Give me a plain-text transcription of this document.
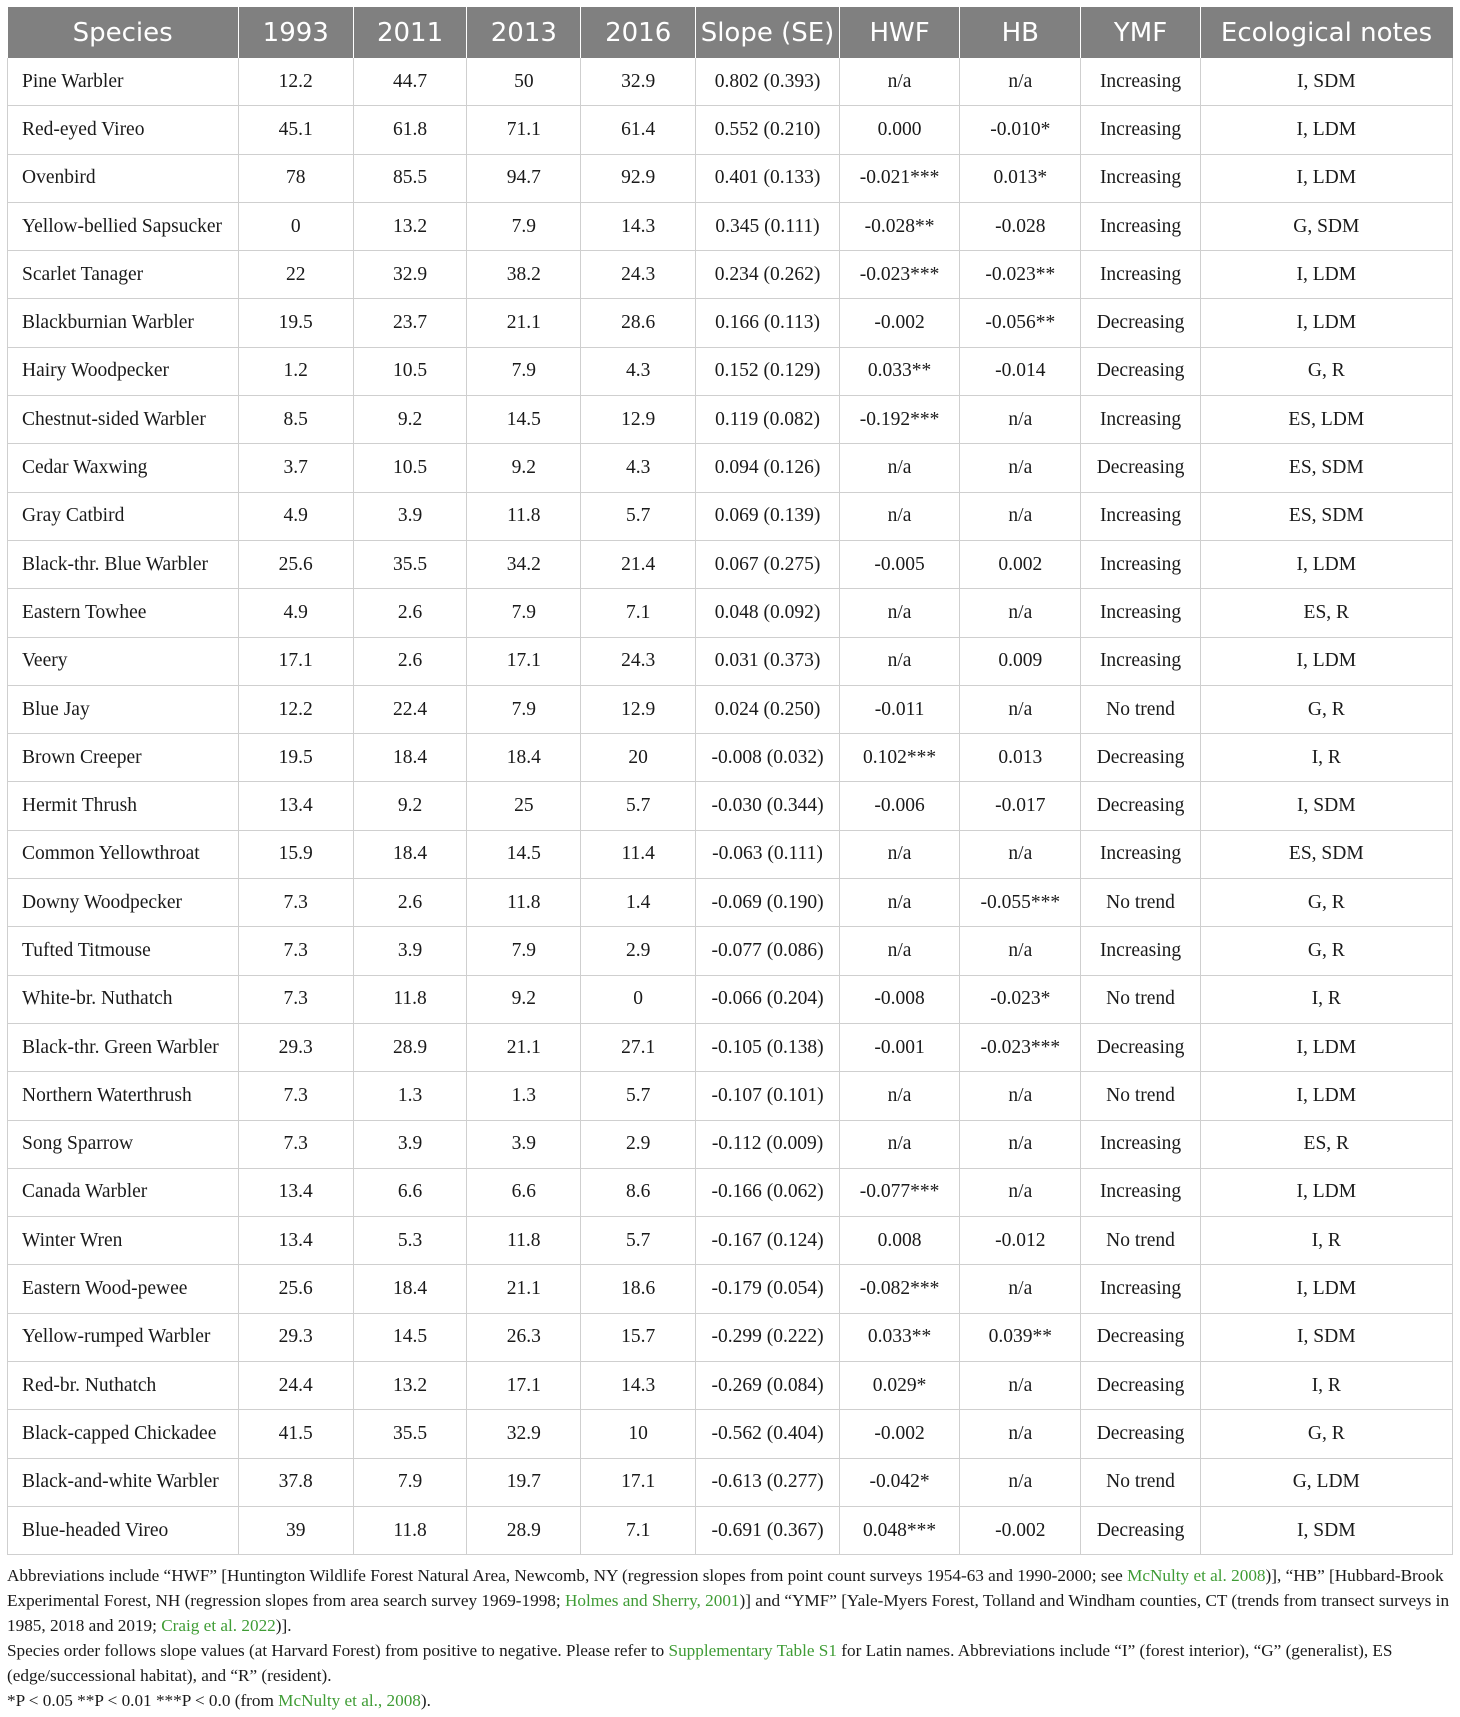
Species	1993	2011	2013	2016	Slope (SE)	HWF	HB	YMF	Ecological notes
Pine Warbler	12.2	44.7	50	32.9	0.802 (0.393)	n/a	n/a	Increasing	I, SDM
Red-eyed Vireo	45.1	61.8	71.1	61.4	0.552 (0.210)	0.000	-0.010*	Increasing	I, LDM
Ovenbird	78	85.5	94.7	92.9	0.401 (0.133)	-0.021***	0.013*	Increasing	I, LDM
Yellow-bellied Sapsucker	0	13.2	7.9	14.3	0.345 (0.111)	-0.028**	-0.028	Increasing	G, SDM
Scarlet Tanager	22	32.9	38.2	24.3	0.234 (0.262)	-0.023***	-0.023**	Increasing	I, LDM
Blackburnian Warbler	19.5	23.7	21.1	28.6	0.166 (0.113)	-0.002	-0.056**	Decreasing	I, LDM
Hairy Woodpecker	1.2	10.5	7.9	4.3	0.152 (0.129)	0.033**	-0.014	Decreasing	G, R
Chestnut-sided Warbler	8.5	9.2	14.5	12.9	0.119 (0.082)	-0.192***	n/a	Increasing	ES, LDM
Cedar Waxwing	3.7	10.5	9.2	4.3	0.094 (0.126)	n/a	n/a	Decreasing	ES, SDM
Gray Catbird	4.9	3.9	11.8	5.7	0.069 (0.139)	n/a	n/a	Increasing	ES, SDM
Black-thr. Blue Warbler	25.6	35.5	34.2	21.4	0.067 (0.275)	-0.005	0.002	Increasing	I, LDM
Eastern Towhee	4.9	2.6	7.9	7.1	0.048 (0.092)	n/a	n/a	Increasing	ES, R
Veery	17.1	2.6	17.1	24.3	0.031 (0.373)	n/a	0.009	Increasing	I, LDM
Blue Jay	12.2	22.4	7.9	12.9	0.024 (0.250)	-0.011	n/a	No trend	G, R
Brown Creeper	19.5	18.4	18.4	20	-0.008 (0.032)	0.102***	0.013	Decreasing	I, R
Hermit Thrush	13.4	9.2	25	5.7	-0.030 (0.344)	-0.006	-0.017	Decreasing	I, SDM
Common Yellowthroat	15.9	18.4	14.5	11.4	-0.063 (0.111)	n/a	n/a	Increasing	ES, SDM
Downy Woodpecker	7.3	2.6	11.8	1.4	-0.069 (0.190)	n/a	-0.055***	No trend	G, R
Tufted Titmouse	7.3	3.9	7.9	2.9	-0.077 (0.086)	n/a	n/a	Increasing	G, R
White-br. Nuthatch	7.3	11.8	9.2	0	-0.066 (0.204)	-0.008	-0.023*	No trend	I, R
Black-thr. Green Warbler	29.3	28.9	21.1	27.1	-0.105 (0.138)	-0.001	-0.023***	Decreasing	I, LDM
Northern Waterthrush	7.3	1.3	1.3	5.7	-0.107 (0.101)	n/a	n/a	No trend	I, LDM
Song Sparrow	7.3	3.9	3.9	2.9	-0.112 (0.009)	n/a	n/a	Increasing	ES, R
Canada Warbler	13.4	6.6	6.6	8.6	-0.166 (0.062)	-0.077***	n/a	Increasing	I, LDM
Winter Wren	13.4	5.3	11.8	5.7	-0.167 (0.124)	0.008	-0.012	No trend	I, R
Eastern Wood-pewee	25.6	18.4	21.1	18.6	-0.179 (0.054)	-0.082***	n/a	Increasing	I, LDM
Yellow-rumped Warbler	29.3	14.5	26.3	15.7	-0.299 (0.222)	0.033**	0.039**	Decreasing	I, SDM
Red-br. Nuthatch	24.4	13.2	17.1	14.3	-0.269 (0.084)	0.029*	n/a	Decreasing	I, R
Black-capped Chickadee	41.5	35.5	32.9	10	-0.562 (0.404)	-0.002	n/a	Decreasing	G, R
Black-and-white Warbler	37.8	7.9	19.7	17.1	-0.613 (0.277)	-0.042*	n/a	No trend	G, LDM
Blue-headed Vireo	39	11.8	28.9	7.1	-0.691 (0.367)	0.048***	-0.002	Decreasing	I, SDM

Abbreviations include “HWF” [Huntington Wildlife Forest Natural Area, Newcomb, NY (regression slopes from point count surveys 1954-63 and 1990-2000; see McNulty et al. 2008)], “HB” [Hubbard-Brook Experimental Forest, NH (regression slopes from area search survey 1969-1998; Holmes and Sherry, 2001)] and “YMF” [Yale-Myers Forest, Tolland and Windham counties, CT (trends from transect surveys in 1985, 2018 and 2019; Craig et al. 2022)].

Species order follows slope values (at Harvard Forest) from positive to negative. Please refer to Supplementary Table S1 for Latin names. Abbreviations include “I” (forest interior), “G” (generalist), ES (edge/successional habitat), and “R” (resident).

*P < 0.05 **P < 0.01 ***P < 0.0 (from McNulty et al., 2008).
